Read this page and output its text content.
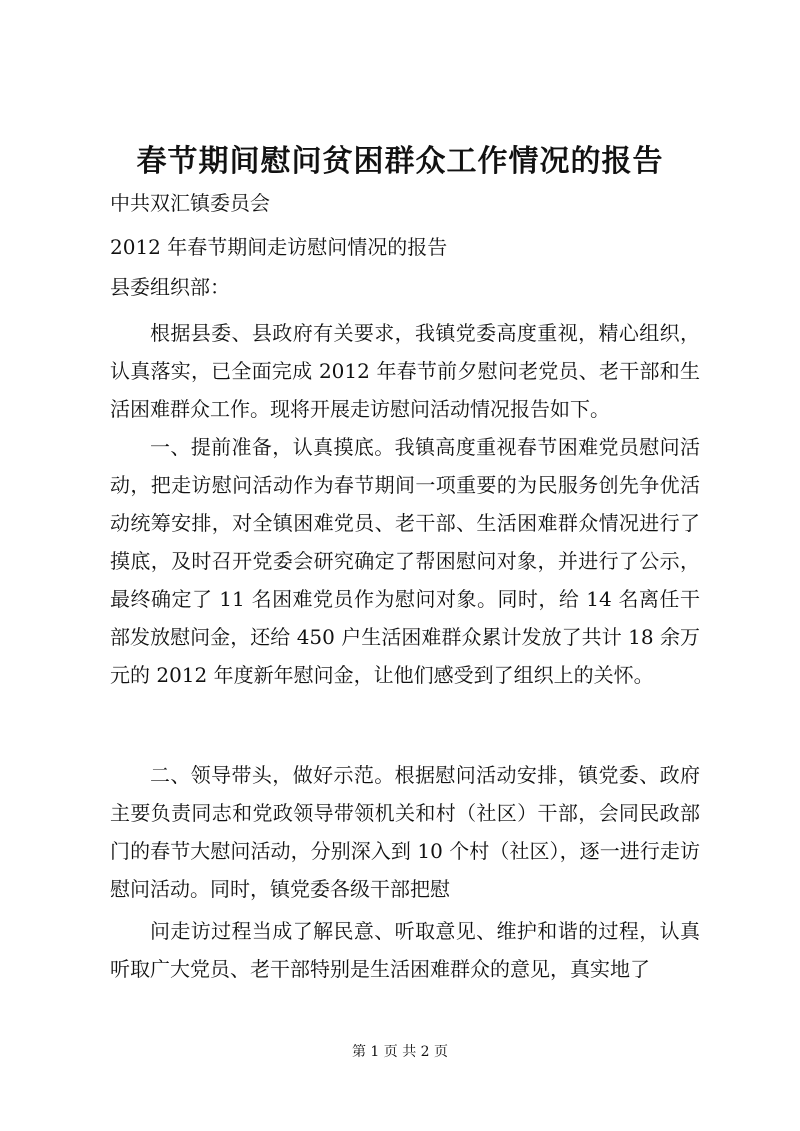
春节期间慰问贫困群众工作情况的报告
中共双汇镇委员会
2012 年春节期间走访慰问情况的报告
县委组织部：

根据县委、县政府有关要求，我镇党委高度重视，精心组织，认真落实，已全面完成 2012 年春节前夕慰问老党员、老干部和生活困难群众工作。现将开展走访慰问活动情况报告如下。

一、提前准备，认真摸底。我镇高度重视春节困难党员慰问活动，把走访慰问活动作为春节期间一项重要的为民服务创先争优活动统筹安排，对全镇困难党员、老干部、生活困难群众情况进行了摸底，及时召开党委会研究确定了帮困慰问对象，并进行了公示，最终确定了 11 名困难党员作为慰问对象。同时，给 14 名离任干部发放慰问金，还给 450 户生活困难群众累计发放了共计 18 余万元的 2012 年度新年慰问金，让他们感受到了组织上的关怀。

二、领导带头，做好示范。根据慰问活动安排，镇党委、政府主要负责同志和党政领导带领机关和村（社区）干部，会同民政部门的春节大慰问活动，分别深入到 10 个村（社区），逐一进行走访慰问活动。同时，镇党委各级干部把慰

问走访过程当成了解民意、听取意见、维护和谐的过程，认真听取广大党员、老干部特别是生活困难群众的意见，真实地了

第 1 页 共 2 页
